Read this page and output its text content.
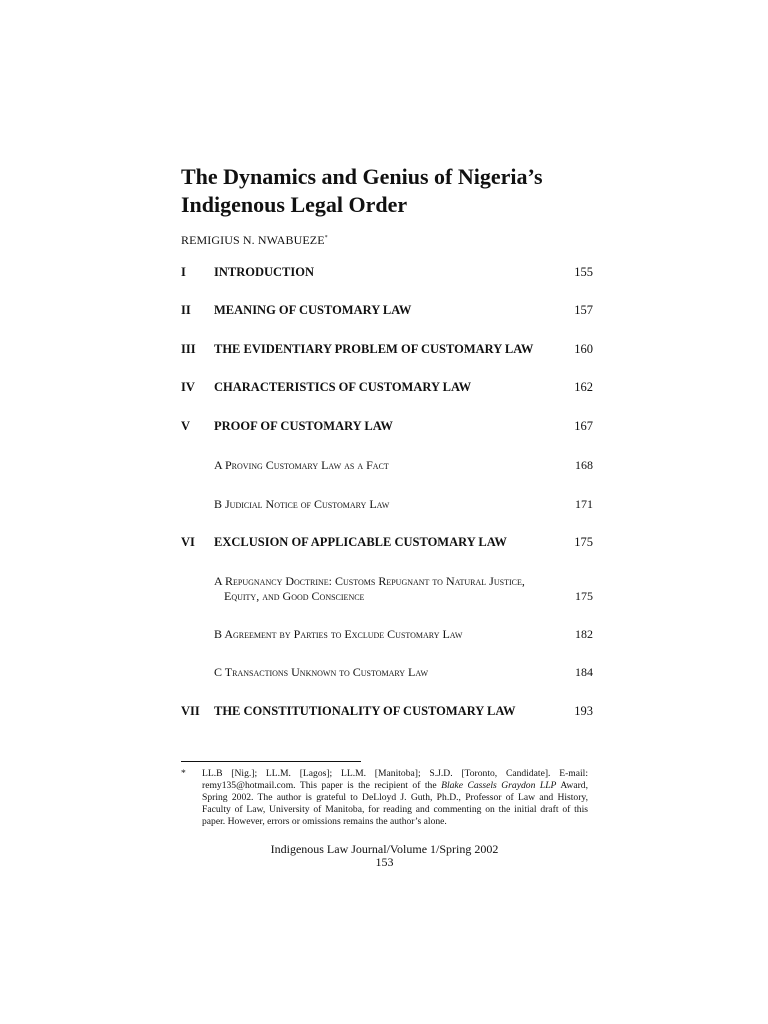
The Dynamics and Genius of Nigeria’s
Indigenous Legal Order
REMIGIUS N. NWABUEZE*
I INTRODUCTION	155
II MEANING OF CUSTOMARY LAW	157
III THE EVIDENTIARY PROBLEM OF CUSTOMARY LAW	160
IV CHARACTERISTICS OF CUSTOMARY LAW	162
V PROOF OF CUSTOMARY LAW	167
A Proving Customary Law as a Fact	168
B Judicial Notice of Customary Law	171
VI EXCLUSION OF APPLICABLE CUSTOMARY LAW	175
A Repugnancy Doctrine: Customs Repugnant to Natural Justice,
Equity, and Good Conscience	175
B Agreement by Parties to Exclude Customary Law	182
C Transactions Unknown to Customary Law	184
VII THE CONSTITUTIONALITY OF CUSTOMARY LAW	193
* LL.B [Nig.]; LL.M. [Lagos]; LL.M. [Manitoba]; S.J.D. [Toronto, Candidate]. E-mail: remy135@hotmail.com. This paper is the recipient of the Blake Cassels Graydon LLP Award, Spring 2002. The author is grateful to DeLloyd J. Guth, Ph.D., Professor of Law and History, Faculty of Law, University of Manitoba, for reading and commenting on the initial draft of this paper. However, errors or omissions remains the author’s alone.

Indigenous Law Journal/Volume 1/Spring 2002
153
